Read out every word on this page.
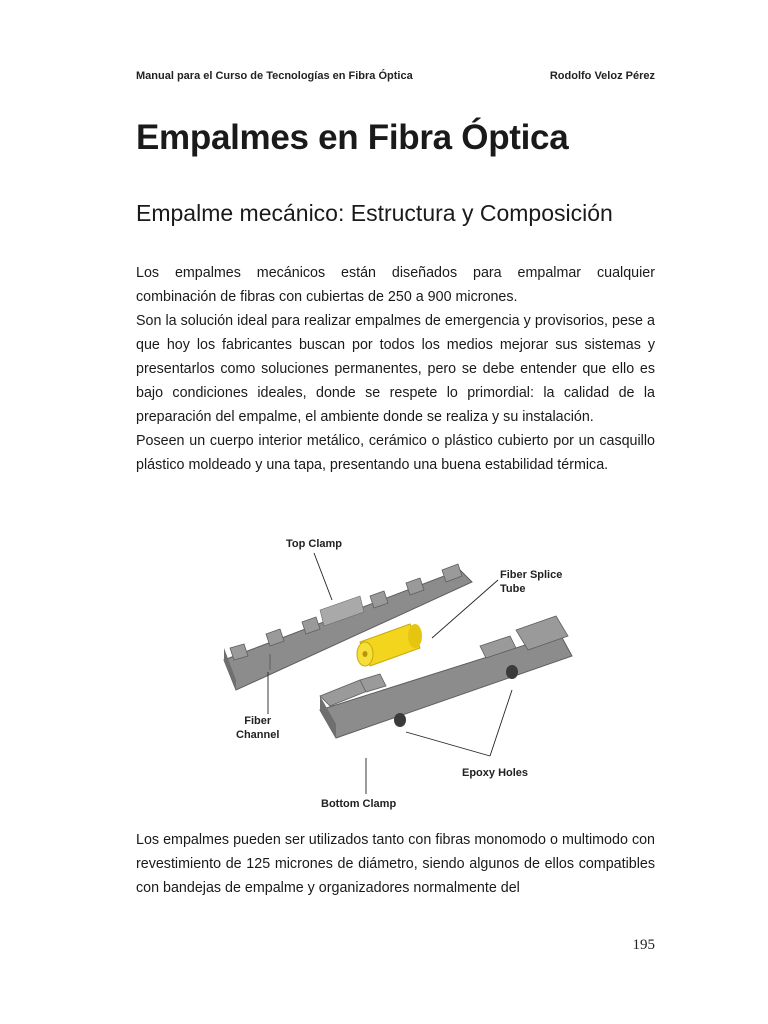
Manual para el Curso de Tecnologías en Fibra Óptica	Rodolfo Veloz Pérez
Empalmes en Fibra Óptica
Empalme mecánico: Estructura y Composición

Los empalmes mecánicos están diseñados para empalmar cualquier combinación de fibras con cubiertas de 250 a 900 micrones.

Son la solución ideal para realizar empalmes de emergencia y provisorios, pese a que hoy los fabricantes buscan por todos los medios mejorar sus sistemas y presentarlos como soluciones permanentes, pero se debe entender que ello es bajo condiciones ideales, donde se respete lo primordial: la calidad de la preparación del empalme, el ambiente donde se realiza y su instalación.

Poseen un cuerpo interior metálico, cerámico o plástico cubierto por un casquillo plástico moldeado y una tapa, presentando una buena estabilidad térmica.

Top Clamp
Fiber Splice
Tube
Fiber
Channel
Epoxy Holes
Bottom Clamp

Los empalmes pueden ser utilizados tanto con fibras monomodo o multimodo con revestimiento de 125 micrones de diámetro, siendo algunos de ellos compatibles con bandejas de empalme y organizadores normalmente del

195
